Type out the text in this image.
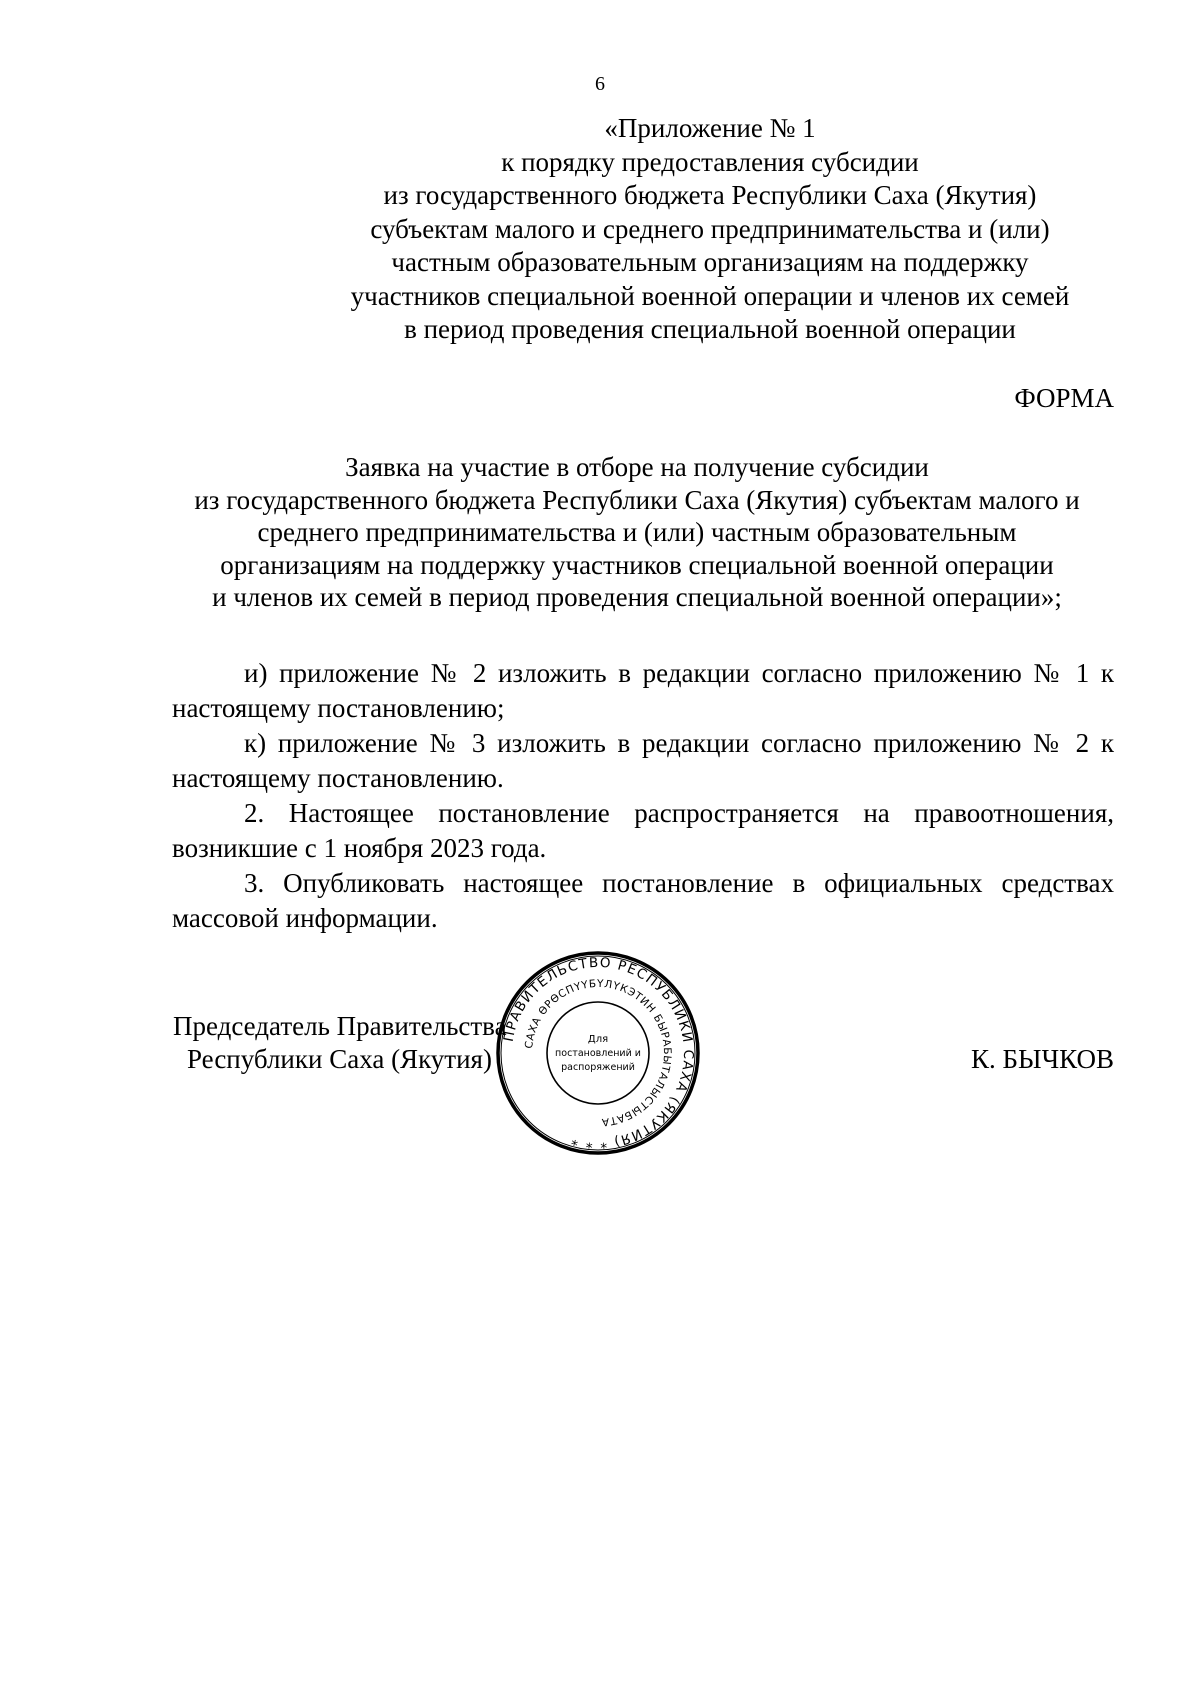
6
«Приложение № 1
к порядку предоставления субсидии
из государственного бюджета Республики Саха (Якутия)
субъектам малого и среднего предпринимательства и (или)
частным образовательным организациям на поддержку
участников специальной военной операции и членов их семей
в период проведения специальной военной операции
ФОРМА
Заявка на участие в отборе на получение субсидии
из государственного бюджета Республики Саха (Якутия) субъектам малого и
среднего предпринимательства и (или) частным образовательным
организациям на поддержку участников специальной военной операции
и членов их семей в период проведения специальной военной операции»;

и) приложение № 2 изложить в редакции согласно приложению № 1 к настоящему постановлению;

к) приложение № 3 изложить в редакции согласно приложению № 2 к настоящему постановлению.

2. Настоящее постановление распространяется на правоотношения, возникшие с 1 ноября 2023 года.

3. Опубликовать настоящее постановление в официальных средствах массовой информации.

Председатель Правительства
Республики Саха (Якутия)	К. БЫЧКОВ
ПРАВИТЕЛЬСТВО РЕСПУБЛИКИ САХА (ЯКУТИЯ) * * *
САХА ӨРӨСПҮҮБҮЛҮКЭТИН БЫРАБЫТАЛЫСТЫБАТА
Для
постановлений и
распоряжений
